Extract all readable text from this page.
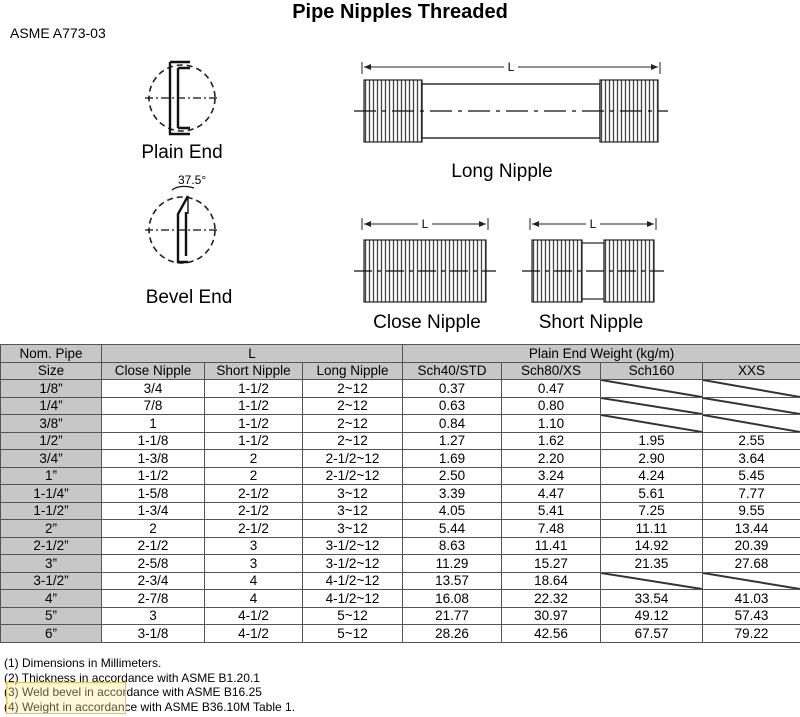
Pipe Nipples Threaded
ASME A773-03
Plain End
37.5°
Bevel End
L
Long Nipple
L
Close Nipple
L
Short Nipple
Nom. Pipe	L			Plain End Weight (kg/m)			
Size	Close Nipple	Short Nipple	Long Nipple	Sch40/STD	Sch80/XS	Sch160	XXS
1/8”	3/4	1-1/2	2~12	0.37	0.47		
1/4”	7/8	1-1/2	2~12	0.63	0.80		
3/8”	1	1-1/2	2~12	0.84	1.10		
1/2”	1-1/8	1-1/2	2~12	1.27	1.62	1.95	2.55
3/4”	1-3/8	2	2-1/2~12	1.69	2.20	2.90	3.64
1”	1-1/2	2	2-1/2~12	2.50	3.24	4.24	5.45
1-1/4”	1-5/8	2-1/2	3~12	3.39	4.47	5.61	7.77
1-1/2”	1-3/4	2-1/2	3~12	4.05	5.41	7.25	9.55
2”	2	2-1/2	3~12	5.44	7.48	11.11	13.44
2-1/2”	2-1/2	3	3-1/2~12	8.63	11.41	14.92	20.39
3”	2-5/8	3	3-1/2~12	11.29	15.27	21.35	27.68
3-1/2”	2-3/4	4	4-1/2~12	13.57	18.64		
4”	2-7/8	4	4-1/2~12	16.08	22.32	33.54	41.03
5”	3	4-1/2	5~12	21.77	30.97	49.12	57.43
6”	3-1/8	4-1/2	5~12	28.26	42.56	67.57	79.22
(1) Dimensions in Millimeters.
(2) Thickness in accordance with ASME B1.20.1
(3) Weld bevel in accordance with ASME B16.25
(4) Weight in accordance with ASME B36.10M Table 1.
